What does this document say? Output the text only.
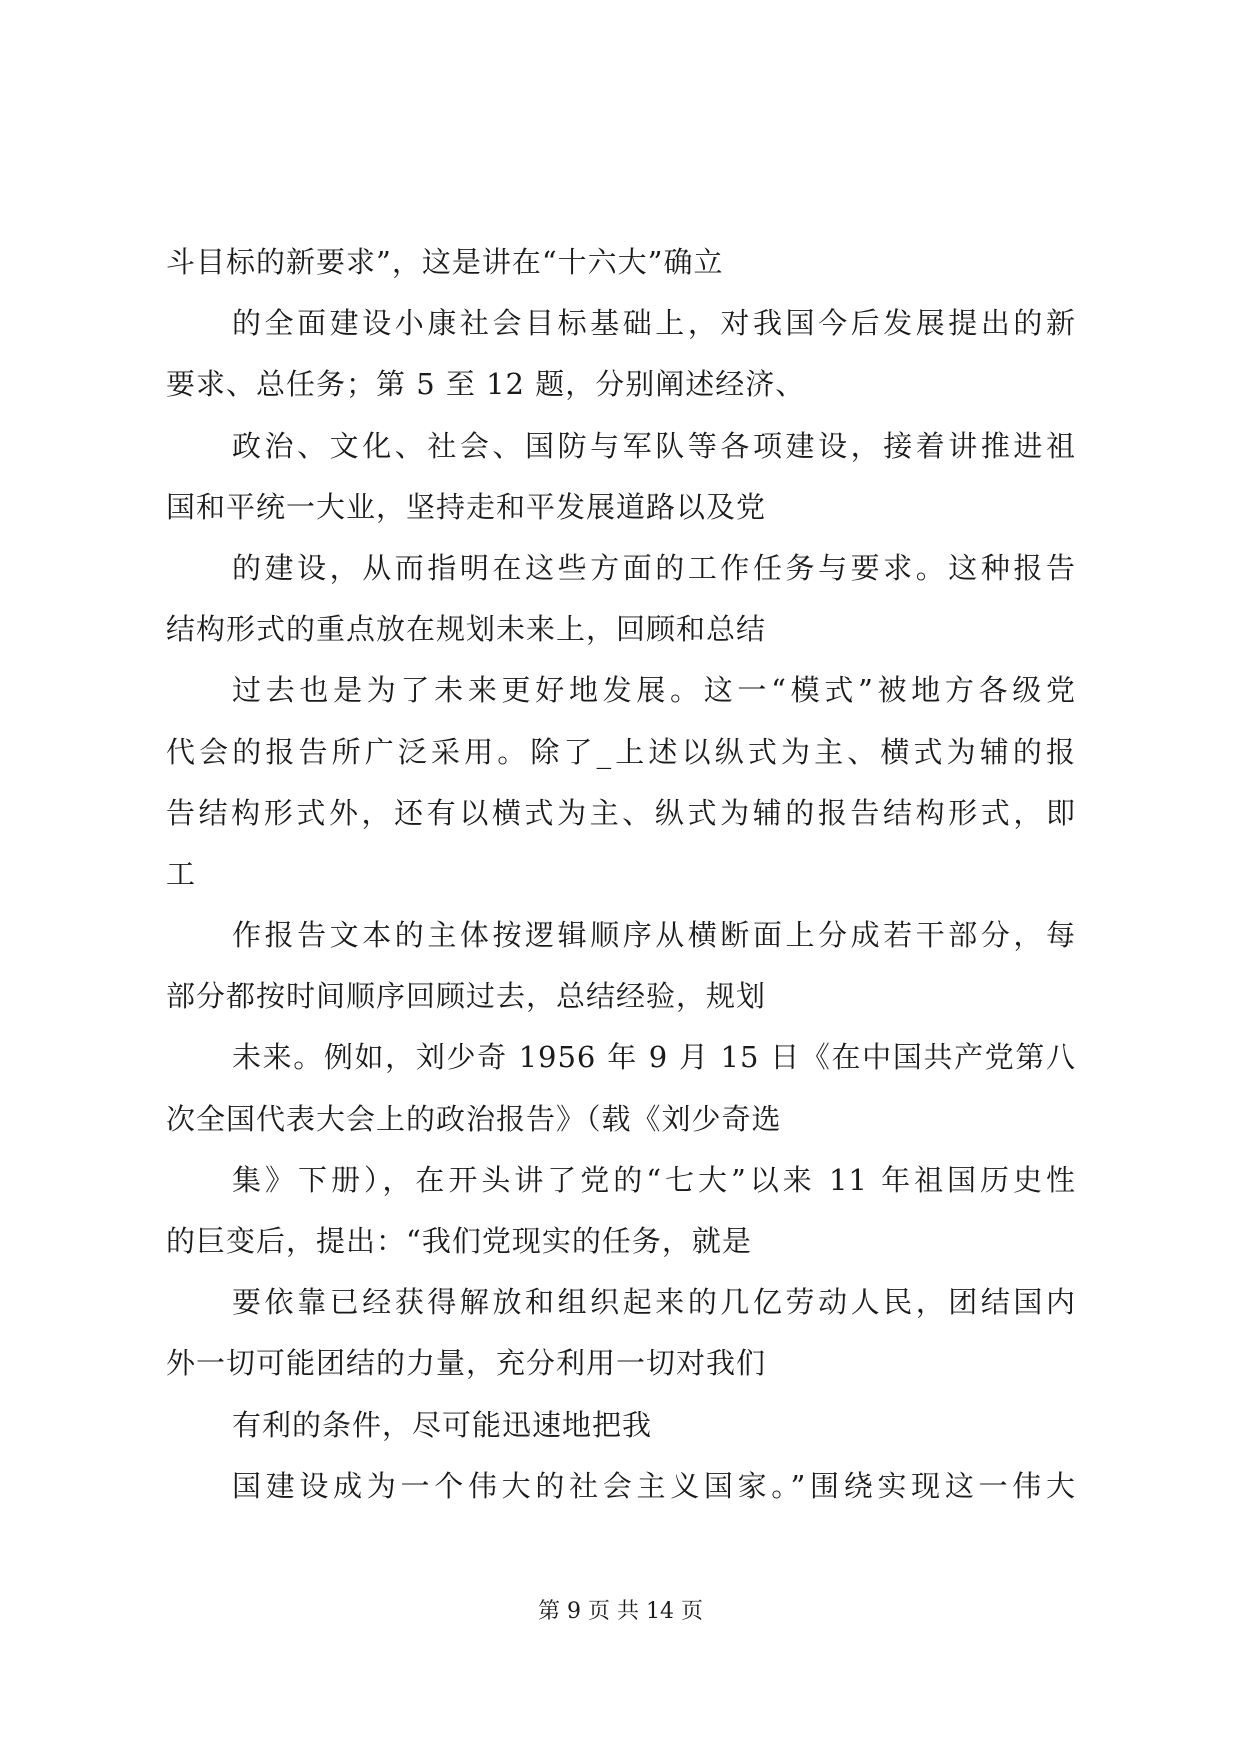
斗目标的新要求”，这是讲在“十六大”确立
的全面建设小康社会目标基础上，对我国今后发展提出的新
要求、总任务；第 5 至 12 题，分别阐述经济、
政治、文化、社会、国防与军队等各项建设，接着讲推进祖
国和平统一大业，坚持走和平发展道路以及党
的建设，从而指明在这些方面的工作任务与要求。这种报告
结构形式的重点放在规划未来上，回顾和总结
过去也是为了未来更好地发展。这一“模式”被地方各级党
代会的报告所广泛采用。除了_上述以纵式为主、横式为辅的报
告结构形式外，还有以横式为主、纵式为辅的报告结构形式，即
工
作报告文本的主体按逻辑顺序从横断面上分成若干部分，每
部分都按时间顺序回顾过去，总结经验，规划
未来。例如，刘少奇 1956 年 9 月 15 日《在中国共产党第八
次全国代表大会上的政治报告》（载《刘少奇选
集》下册），在开头讲了党的“七大”以来 11 年祖国历史性
的巨变后，提出：“我们党现实的任务，就是
要依靠已经获得解放和组织起来的几亿劳动人民，团结国内
外一切可能团结的力量，充分利用一切对我们
有利的条件，尽可能迅速地把我
国建设成为一个伟大的社会主义国家。”围绕实现这一伟大
第 9 页 共 14 页
